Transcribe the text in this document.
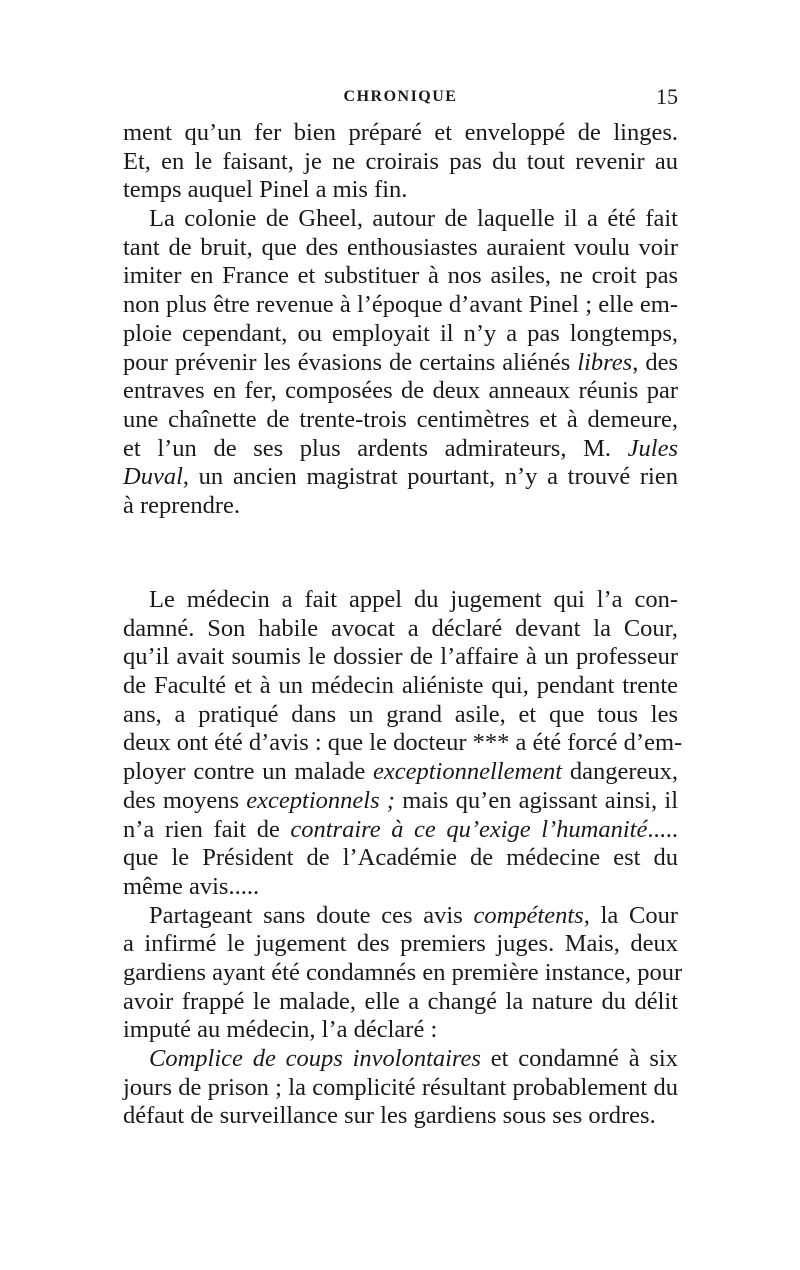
CHRONIQUE	15
ment qu’un fer bien préparé et enveloppé de linges.
Et, en le faisant, je ne croirais pas du tout revenir au
temps auquel Pinel a mis fin.
La colonie de Gheel, autour de laquelle il a été fait
tant de bruit, que des enthousiastes auraient voulu voir
imiter en France et substituer à nos asiles, ne croit pas
non plus être revenue à l’époque d’avant Pinel ; elle em-
ploie cependant, ou employait il n’y a pas longtemps,
pour prévenir les évasions de certains aliénés libres, des
entraves en fer, composées de deux anneaux réunis par
une chaînette de trente-trois centimètres et à demeure,
et l’un de ses plus ardents admirateurs, M. Jules
Duval, un ancien magistrat pourtant, n’y a trouvé rien
à reprendre.
Le médecin a fait appel du jugement qui l’a con-
damné. Son habile avocat a déclaré devant la Cour,
qu’il avait soumis le dossier de l’affaire à un professeur
de Faculté et à un médecin aliéniste qui, pendant trente
ans, a pratiqué dans un grand asile, et que tous les
deux ont été d’avis : que le docteur *** a été forcé d’em-
ployer contre un malade exceptionnellement dangereux,
des moyens exceptionnels ; mais qu’en agissant ainsi, il
n’a rien fait de contraire à ce qu’exige l’humanité.....
que le Président de l’Académie de médecine est du
même avis.....
Partageant sans doute ces avis compétents, la Cour
a infirmé le jugement des premiers juges. Mais, deux
gardiens ayant été condamnés en première instance, pour
avoir frappé le malade, elle a changé la nature du délit
imputé au médecin, l’a déclaré :
Complice de coups involontaires et condamné à six
jours de prison ; la complicité résultant probablement du
défaut de surveillance sur les gardiens sous ses ordres.
